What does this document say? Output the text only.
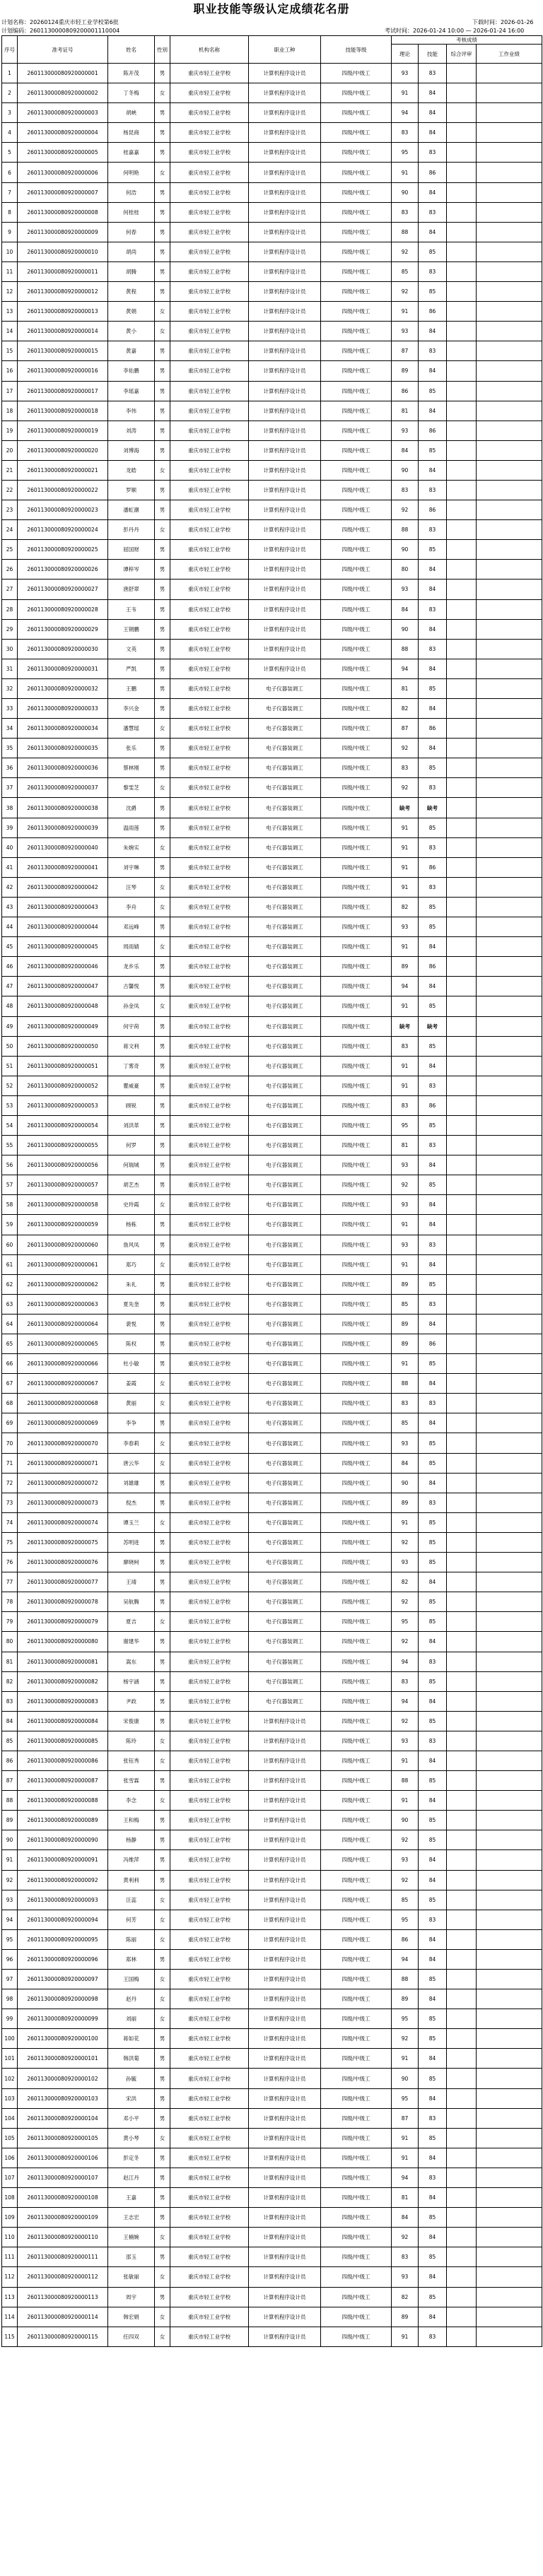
职业技能等级认定成绩花名册
计划名称：20260124重庆市轻工业学校第6批	下载时间：2026-01-26
计划编码：2601130000809200001110004	考试时间：2026-01-24 10:00 — 2026-01-24 16:00
序号	准考证号	姓名	性别	机构名称	职业工种	技能等级	考核成绩			
							理论	技能	综合评审	工作业绩
1	260113000080920000001	陈开茂	男	重庆市轻工业学校	计算机程序设计员	四级/中级工	93	83		
2	260113000080920000002	丁冬梅	女	重庆市轻工业学校	计算机程序设计员	四级/中级工	91	84		
3	260113000080920000003	胡峡	男	重庆市轻工业学校	计算机程序设计员	四级/中级工	94	84		
4	260113000080920000004	杨昆商	男	重庆市轻工业学校	计算机程序设计员	四级/中级工	83	84		
5	260113000080920000005	桂嘉嘉	男	重庆市轻工业学校	计算机程序设计员	四级/中级工	95	83		
6	260113000080920000006	何明艳	女	重庆市轻工业学校	计算机程序设计员	四级/中级工	91	86		
7	260113000080920000007	何浩	男	重庆市轻工业学校	计算机程序设计员	四级/中级工	90	84		
8	260113000080920000008	何桂桂	男	重庆市轻工业学校	计算机程序设计员	四级/中级工	83	83		
9	260113000080920000009	何春	男	重庆市轻工业学校	计算机程序设计员	四级/中级工	88	84		
10	260113000080920000010	胡尚	男	重庆市轻工业学校	计算机程序设计员	四级/中级工	92	85		
11	260113000080920000011	胡腾	男	重庆市轻工业学校	计算机程序设计员	四级/中级工	85	83		
12	260113000080920000012	黄程	男	重庆市轻工业学校	计算机程序设计员	四级/中级工	92	85		
13	260113000080920000013	黄娟	女	重庆市轻工业学校	计算机程序设计员	四级/中级工	91	86		
14	260113000080920000014	黄小	女	重庆市轻工业学校	计算机程序设计员	四级/中级工	93	84		
15	260113000080920000015	黄嘉	男	重庆市轻工业学校	计算机程序设计员	四级/中级工	87	83		
16	260113000080920000016	李佑鹏	男	重庆市轻工业学校	计算机程序设计员	四级/中级工	89	84		
17	260113000080920000017	李瑶嘉	男	重庆市轻工业学校	计算机程序设计员	四级/中级工	86	85		
18	260113000080920000018	李伟	男	重庆市轻工业学校	计算机程序设计员	四级/中级工	81	84		
19	260113000080920000019	刘涛	男	重庆市轻工业学校	计算机程序设计员	四级/中级工	93	86		
20	260113000080920000020	刘博海	男	重庆市轻工业学校	计算机程序设计员	四级/中级工	84	85		
21	260113000080920000021	龙皓	女	重庆市轻工业学校	计算机程序设计员	四级/中级工	90	84		
22	260113000080920000022	罗顺	男	重庆市轻工业学校	计算机程序设计员	四级/中级工	83	83		
23	260113000080920000023	潘虹潮	男	重庆市轻工业学校	计算机程序设计员	四级/中级工	92	86		
24	260113000080920000024	彭丹丹	女	重庆市轻工业学校	计算机程序设计员	四级/中级工	88	83		
25	260113000080920000025	屈国财	男	重庆市轻工业学校	计算机程序设计员	四级/中级工	90	85		
26	260113000080920000026	谭梓岑	男	重庆市轻工业学校	计算机程序设计员	四级/中级工	80	84		
27	260113000080920000027	唐舒翠	男	重庆市轻工业学校	计算机程序设计员	四级/中级工	93	84		
28	260113000080920000028	王韦	男	重庆市轻工业学校	计算机程序设计员	四级/中级工	84	83		
29	260113000080920000029	王钢鹏	男	重庆市轻工业学校	计算机程序设计员	四级/中级工	90	84		
30	260113000080920000030	文英	男	重庆市轻工业学校	计算机程序设计员	四级/中级工	88	83		
31	260113000080920000031	严凯	男	重庆市轻工业学校	计算机程序设计员	四级/中级工	94	84		
32	260113000080920000032	王鹏	男	重庆市轻工业学校	电子仪器装调工	四级/中级工	81	85		
33	260113000080920000033	李兴金	男	重庆市轻工业学校	电子仪器装调工	四级/中级工	82	84		
34	260113000080920000034	潘慧瑶	女	重庆市轻工业学校	电子仪器装调工	四级/中级工	87	86		
35	260113000080920000035	张乐	男	重庆市轻工业学校	电子仪器装调工	四级/中级工	92	84		
36	260113000080920000036	蔡林刚	男	重庆市轻工业学校	电子仪器装调工	四级/中级工	83	85		
37	260113000080920000037	黎雯芝	女	重庆市轻工业学校	电子仪器装调工	四级/中级工	92	83		
38	260113000080920000038	沈爵	男	重庆市轻工业学校	电子仪器装调工	四级/中级工	缺考	缺考		
39	260113000080920000039	温雨莲	男	重庆市轻工业学校	电子仪器装调工	四级/中级工	91	85		
40	260113000080920000040	朱婉实	女	重庆市轻工业学校	电子仪器装调工	四级/中级工	91	83		
41	260113000080920000041	刘宇琳	男	重庆市轻工业学校	电子仪器装调工	四级/中级工	91	86		
42	260113000080920000042	汪琴	女	重庆市轻工业学校	电子仪器装调工	四级/中级工	91	83		
43	260113000080920000043	李舟	女	重庆市轻工业学校	电子仪器装调工	四级/中级工	82	85		
44	260113000080920000044	邓远峰	男	重庆市轻工业学校	电子仪器装调工	四级/中级工	93	85		
45	260113000080920000045	周雨婧	女	重庆市轻工业学校	电子仪器装调工	四级/中级工	91	84		
46	260113000080920000046	龙乡乐	男	重庆市轻工业学校	电子仪器装调工	四级/中级工	89	86		
47	260113000080920000047	古馨悦	男	重庆市轻工业学校	电子仪器装调工	四级/中级工	94	84		
48	260113000080920000048	孙金凤	女	重庆市轻工业学校	电子仪器装调工	四级/中级工	91	85		
49	260113000080920000049	何宇荷	男	重庆市轻工业学校	电子仪器装调工	四级/中级工	缺考	缺考		
50	260113000080920000050	蒋文利	男	重庆市轻工业学校	电子仪器装调工	四级/中级工	83	85		
51	260113000080920000051	丁雾奇	男	重庆市轻工业学校	电子仪器装调工	四级/中级工	91	84		
52	260113000080920000052	瞿威豪	男	重庆市轻工业学校	电子仪器装调工	四级/中级工	91	83		
53	260113000080920000053	顾锐	男	重庆市轻工业学校	电子仪器装调工	四级/中级工	83	86		
54	260113000080920000054	刘洪革	男	重庆市轻工业学校	电子仪器装调工	四级/中级工	95	85		
55	260113000080920000055	何罗	男	重庆市轻工业学校	电子仪器装调工	四级/中级工	81	83		
56	260113000080920000056	何瑞城	男	重庆市轻工业学校	电子仪器装调工	四级/中级工	93	84		
57	260113000080920000057	胡艺杰	男	重庆市轻工业学校	电子仪器装调工	四级/中级工	92	85		
58	260113000080920000058	史玲霞	女	重庆市轻工业学校	电子仪器装调工	四级/中级工	93	84		
59	260113000080920000059	杨栋	男	重庆市轻工业学校	电子仪器装调工	四级/中级工	91	84		
60	260113000080920000060	詹风凤	男	重庆市轻工业学校	电子仪器装调工	四级/中级工	93	83		
61	260113000080920000061	郑巧	女	重庆市轻工业学校	电子仪器装调工	四级/中级工	91	84		
62	260113000080920000062	朱礼	男	重庆市轻工业学校	电子仪器装调工	四级/中级工	89	85		
63	260113000080920000063	夏先奎	男	重庆市轻工业学校	电子仪器装调工	四级/中级工	85	83		
64	260113000080920000064	裴悦	男	重庆市轻工业学校	电子仪器装调工	四级/中级工	89	84		
65	260113000080920000065	陈权	男	重庆市轻工业学校	电子仪器装调工	四级/中级工	89	86		
66	260113000080920000066	杜小敏	男	重庆市轻工业学校	电子仪器装调工	四级/中级工	91	85		
67	260113000080920000067	姜霞	女	重庆市轻工业学校	电子仪器装调工	四级/中级工	88	84		
68	260113000080920000068	黄丽	女	重庆市轻工业学校	电子仪器装调工	四级/中级工	83	83		
69	260113000080920000069	李争	男	重庆市轻工业学校	电子仪器装调工	四级/中级工	85	84		
70	260113000080920000070	李春莉	女	重庆市轻工业学校	电子仪器装调工	四级/中级工	93	85		
71	260113000080920000071	唐云华	女	重庆市轻工业学校	电子仪器装调工	四级/中级工	84	85		
72	260113000080920000072	刘雄雄	男	重庆市轻工业学校	电子仪器装调工	四级/中级工	90	84		
73	260113000080920000073	倪杰	男	重庆市轻工业学校	电子仪器装调工	四级/中级工	89	83		
74	260113000080920000074	谭玉兰	女	重庆市轻工业学校	电子仪器装调工	四级/中级工	91	85		
75	260113000080920000075	苏明进	男	重庆市轻工业学校	电子仪器装调工	四级/中级工	92	85		
76	260113000080920000076	廖晓柯	男	重庆市轻工业学校	电子仪器装调工	四级/中级工	93	85		
77	260113000080920000077	王靖	男	重庆市轻工业学校	电子仪器装调工	四级/中级工	82	84		
78	260113000080920000078	吴航腾	男	重庆市轻工业学校	电子仪器装调工	四级/中级工	92	85		
79	260113000080920000079	夏吉	女	重庆市轻工业学校	电子仪器装调工	四级/中级工	95	85		
80	260113000080920000080	谢建华	男	重庆市轻工业学校	电子仪器装调工	四级/中级工	92	84		
81	260113000080920000081	嵩东	男	重庆市轻工业学校	电子仪器装调工	四级/中级工	94	83		
82	260113000080920000082	杨宇涵	男	重庆市轻工业学校	电子仪器装调工	四级/中级工	83	85		
83	260113000080920000083	尹政	男	重庆市轻工业学校	电子仪器装调工	四级/中级工	94	84		
84	260113000080920000084	宋俊康	男	重庆市轻工业学校	计算机程序设计员	四级/中级工	92	85		
85	260113000080920000085	陈玲	女	重庆市轻工业学校	计算机程序设计员	四级/中级工	93	83		
86	260113000080920000086	张钰秀	女	重庆市轻工业学校	计算机程序设计员	四级/中级工	91	84		
87	260113000080920000087	张雪霖	男	重庆市轻工业学校	计算机程序设计员	四级/中级工	88	85		
88	260113000080920000088	李念	女	重庆市轻工业学校	计算机程序设计员	四级/中级工	91	84		
89	260113000080920000089	王和梅	男	重庆市轻工业学校	计算机程序设计员	四级/中级工	90	85		
90	260113000080920000090	杨静	男	重庆市轻工业学校	计算机程序设计员	四级/中级工	92	85		
91	260113000080920000091	冯维萍	男	重庆市轻工业学校	计算机程序设计员	四级/中级工	93	84		
92	260113000080920000092	黄利利	男	重庆市轻工业学校	计算机程序设计员	四级/中级工	92	84		
93	260113000080920000093	汪蕊	女	重庆市轻工业学校	计算机程序设计员	四级/中级工	85	85		
94	260113000080920000094	何芳	女	重庆市轻工业学校	计算机程序设计员	四级/中级工	95	83		
95	260113000080920000095	陈丽	女	重庆市轻工业学校	计算机程序设计员	四级/中级工	86	84		
96	260113000080920000096	郑林	男	重庆市轻工业学校	计算机程序设计员	四级/中级工	94	84		
97	260113000080920000097	王国梅	女	重庆市轻工业学校	计算机程序设计员	四级/中级工	88	85		
98	260113000080920000098	赵丹	女	重庆市轻工业学校	计算机程序设计员	四级/中级工	89	84		
99	260113000080920000099	刘丽	女	重庆市轻工业学校	计算机程序设计员	四级/中级工	95	85		
100	260113000080920000100	蒋如花	男	重庆市轻工业学校	计算机程序设计员	四级/中级工	92	85		
101	260113000080920000101	韩洪菊	男	重庆市轻工业学校	计算机程序设计员	四级/中级工	91	84		
102	260113000080920000102	孙毓	男	重庆市轻工业学校	计算机程序设计员	四级/中级工	90	85		
103	260113000080920000103	宋洪	男	重庆市轻工业学校	计算机程序设计员	四级/中级工	95	84		
104	260113000080920000104	邓小平	男	重庆市轻工业学校	计算机程序设计员	四级/中级工	87	83		
105	260113000080920000105	黄小琴	女	重庆市轻工业学校	计算机程序设计员	四级/中级工	91	85		
106	260113000080920000106	彭定冬	男	重庆市轻工业学校	计算机程序设计员	四级/中级工	91	84		
107	260113000080920000107	赵江丹	男	重庆市轻工业学校	计算机程序设计员	四级/中级工	94	83		
108	260113000080920000108	王嘉	男	重庆市轻工业学校	计算机程序设计员	四级/中级工	81	84		
109	260113000080920000109	王志宏	男	重庆市轻工业学校	计算机程序设计员	四级/中级工	84	85		
110	260113000080920000110	王楠婉	女	重庆市轻工业学校	计算机程序设计员	四级/中级工	92	84		
111	260113000080920000111	邵玉	男	重庆市轻工业学校	计算机程序设计员	四级/中级工	83	85		
112	260113000080920000112	张敏丽	女	重庆市轻工业学校	计算机程序设计员	四级/中级工	93	84		
113	260113000080920000113	周宇	男	重庆市轻工业学校	计算机程序设计员	四级/中级工	82	85		
114	260113000080920000114	韩宏娟	女	重庆市轻工业学校	计算机程序设计员	四级/中级工	89	84		
115	260113000080920000115	任四双	女	重庆市轻工业学校	计算机程序设计员	四级/中级工	91	83		
